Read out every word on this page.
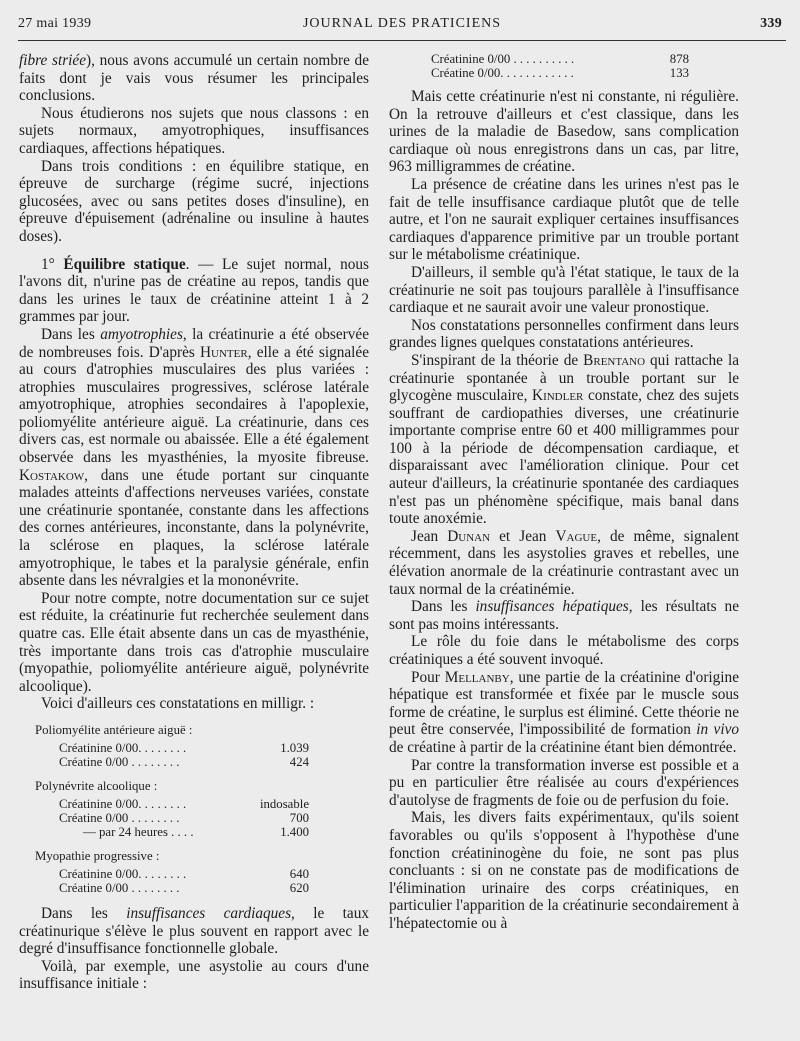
27 mai 1939	JOURNAL DES PRATICIENS	339

fibre striée), nous avons accumulé un certain nombre de faits dont je vais vous résumer les principales conclusions.

Nous étudierons nos sujets que nous classons : en sujets normaux, amyotrophiques, insuffisances cardiaques, affections hépatiques.

Dans trois conditions : en équilibre statique, en épreuve de surcharge (régime sucré, injections glucosées, avec ou sans petites doses d'insuline), en épreuve d'épuisement (adrénaline ou insuline à hautes doses).

1° Équilibre statique. — Le sujet normal, nous l'avons dit, n'urine pas de créatine au repos, tandis que dans les urines le taux de créatinine atteint 1 à 2 grammes par jour.

Dans les amyotrophies, la créatinurie a été observée de nombreuses fois. D'après Hunter, elle a été signalée au cours d'atrophies musculaires des plus variées : atrophies musculaires progressives, sclérose latérale amyotrophique, atrophies secondaires à l'apoplexie, poliomyélite antérieure aiguë. La créatinurie, dans ces divers cas, est normale ou abaissée. Elle a été également observée dans les myasthénies, la myosite fibreuse. Kostakow, dans une étude portant sur cinquante malades atteints d'affections nerveuses variées, constate une créatinurie spontanée, constante dans les affections des cornes antérieures, inconstante, dans la polynévrite, la sclérose en plaques, la sclérose latérale amyotrophique, le tabes et la paralysie générale, enfin absente dans les névralgies et la mononévrite.

Pour notre compte, notre documentation sur ce sujet est réduite, la créatinurie fut recherchée seulement dans quatre cas. Elle était absente dans un cas de myasthénie, très importante dans trois cas d'atrophie musculaire (myopathie, poliomyélite antérieure aiguë, polynévrite alcoolique).

Voici d'ailleurs ces constatations en milligr. :

Poliomyélite antérieure aiguë :
Créatinine 0/00. . . . . . . .	1.039
Créatine 0/00 . . . . . . . .	424
Polynévrite alcoolique :
Créatinine 0/00. . . . . . . .	indosable
Créatine 0/00 . . . . . . . .	700
— par 24 heures . . . .	1.400
Myopathie progressive :
Créatinine 0/00. . . . . . . .	640
Créatine 0/00 . . . . . . . .	620

Dans les insuffisances cardiaques, le taux créatinurique s'élève le plus souvent en rapport avec le degré d'insuffisance fonctionnelle globale.

Voilà, par exemple, une asystolie au cours d'une insuffisance initiale :

Créatinine 0/00 . . . . . . . . . .	878
Créatine 0/00. . . . . . . . . . . .	133

Mais cette créatinurie n'est ni constante, ni régulière. On la retrouve d'ailleurs et c'est classique, dans les urines de la maladie de Basedow, sans complication cardiaque où nous enregistrons dans un cas, par litre, 963 milligrammes de créatine.

La présence de créatine dans les urines n'est pas le fait de telle insuffisance cardiaque plutôt que de telle autre, et l'on ne saurait expliquer certaines insuffisances cardiaques d'apparence primitive par un trouble portant sur le métabolisme créatinique.

D'ailleurs, il semble qu'à l'état statique, le taux de la créatinurie ne soit pas toujours parallèle à l'insuffisance cardiaque et ne saurait avoir une valeur pronostique.

Nos constatations personnelles confirment dans leurs grandes lignes quelques constatations antérieures.

S'inspirant de la théorie de Brentano qui rattache la créatinurie spontanée à un trouble portant sur le glycogène musculaire, Kindler constate, chez des sujets souffrant de cardiopathies diverses, une créatinurie importante comprise entre 60 et 400 milligrammes pour 100 à la période de décompensation cardiaque, et disparaissant avec l'amélioration clinique. Pour cet auteur d'ailleurs, la créatinurie spontanée des cardiaques n'est pas un phénomène spécifique, mais banal dans toute anoxémie.

Jean Dunan et Jean Vague, de même, signalent récemment, dans les asystolies graves et rebelles, une élévation anormale de la créatinurie contrastant avec un taux normal de la créatinémie.

Dans les insuffisances hépatiques, les résultats ne sont pas moins intéressants.

Le rôle du foie dans le métabolisme des corps créatiniques a été souvent invoqué.

Pour Mellanby, une partie de la créatinine d'origine hépatique est transformée et fixée par le muscle sous forme de créatine, le surplus est éliminé. Cette théorie ne peut être conservée, l'impossibilité de formation in vivo de créatine à partir de la créatinine étant bien démontrée.

Par contre la transformation inverse est possible et a pu en particulier être réalisée au cours d'expériences d'autolyse de fragments de foie ou de perfusion du foie.

Mais, les divers faits expérimentaux, qu'ils soient favorables ou qu'ils s'opposent à l'hypothèse d'une fonction créatininogène du foie, ne sont pas plus concluants : si on ne constate pas de modifications de l'élimination urinaire des corps créatiniques, en particulier l'apparition de la créatinurie secondairement à l'hépatectomie ou à
